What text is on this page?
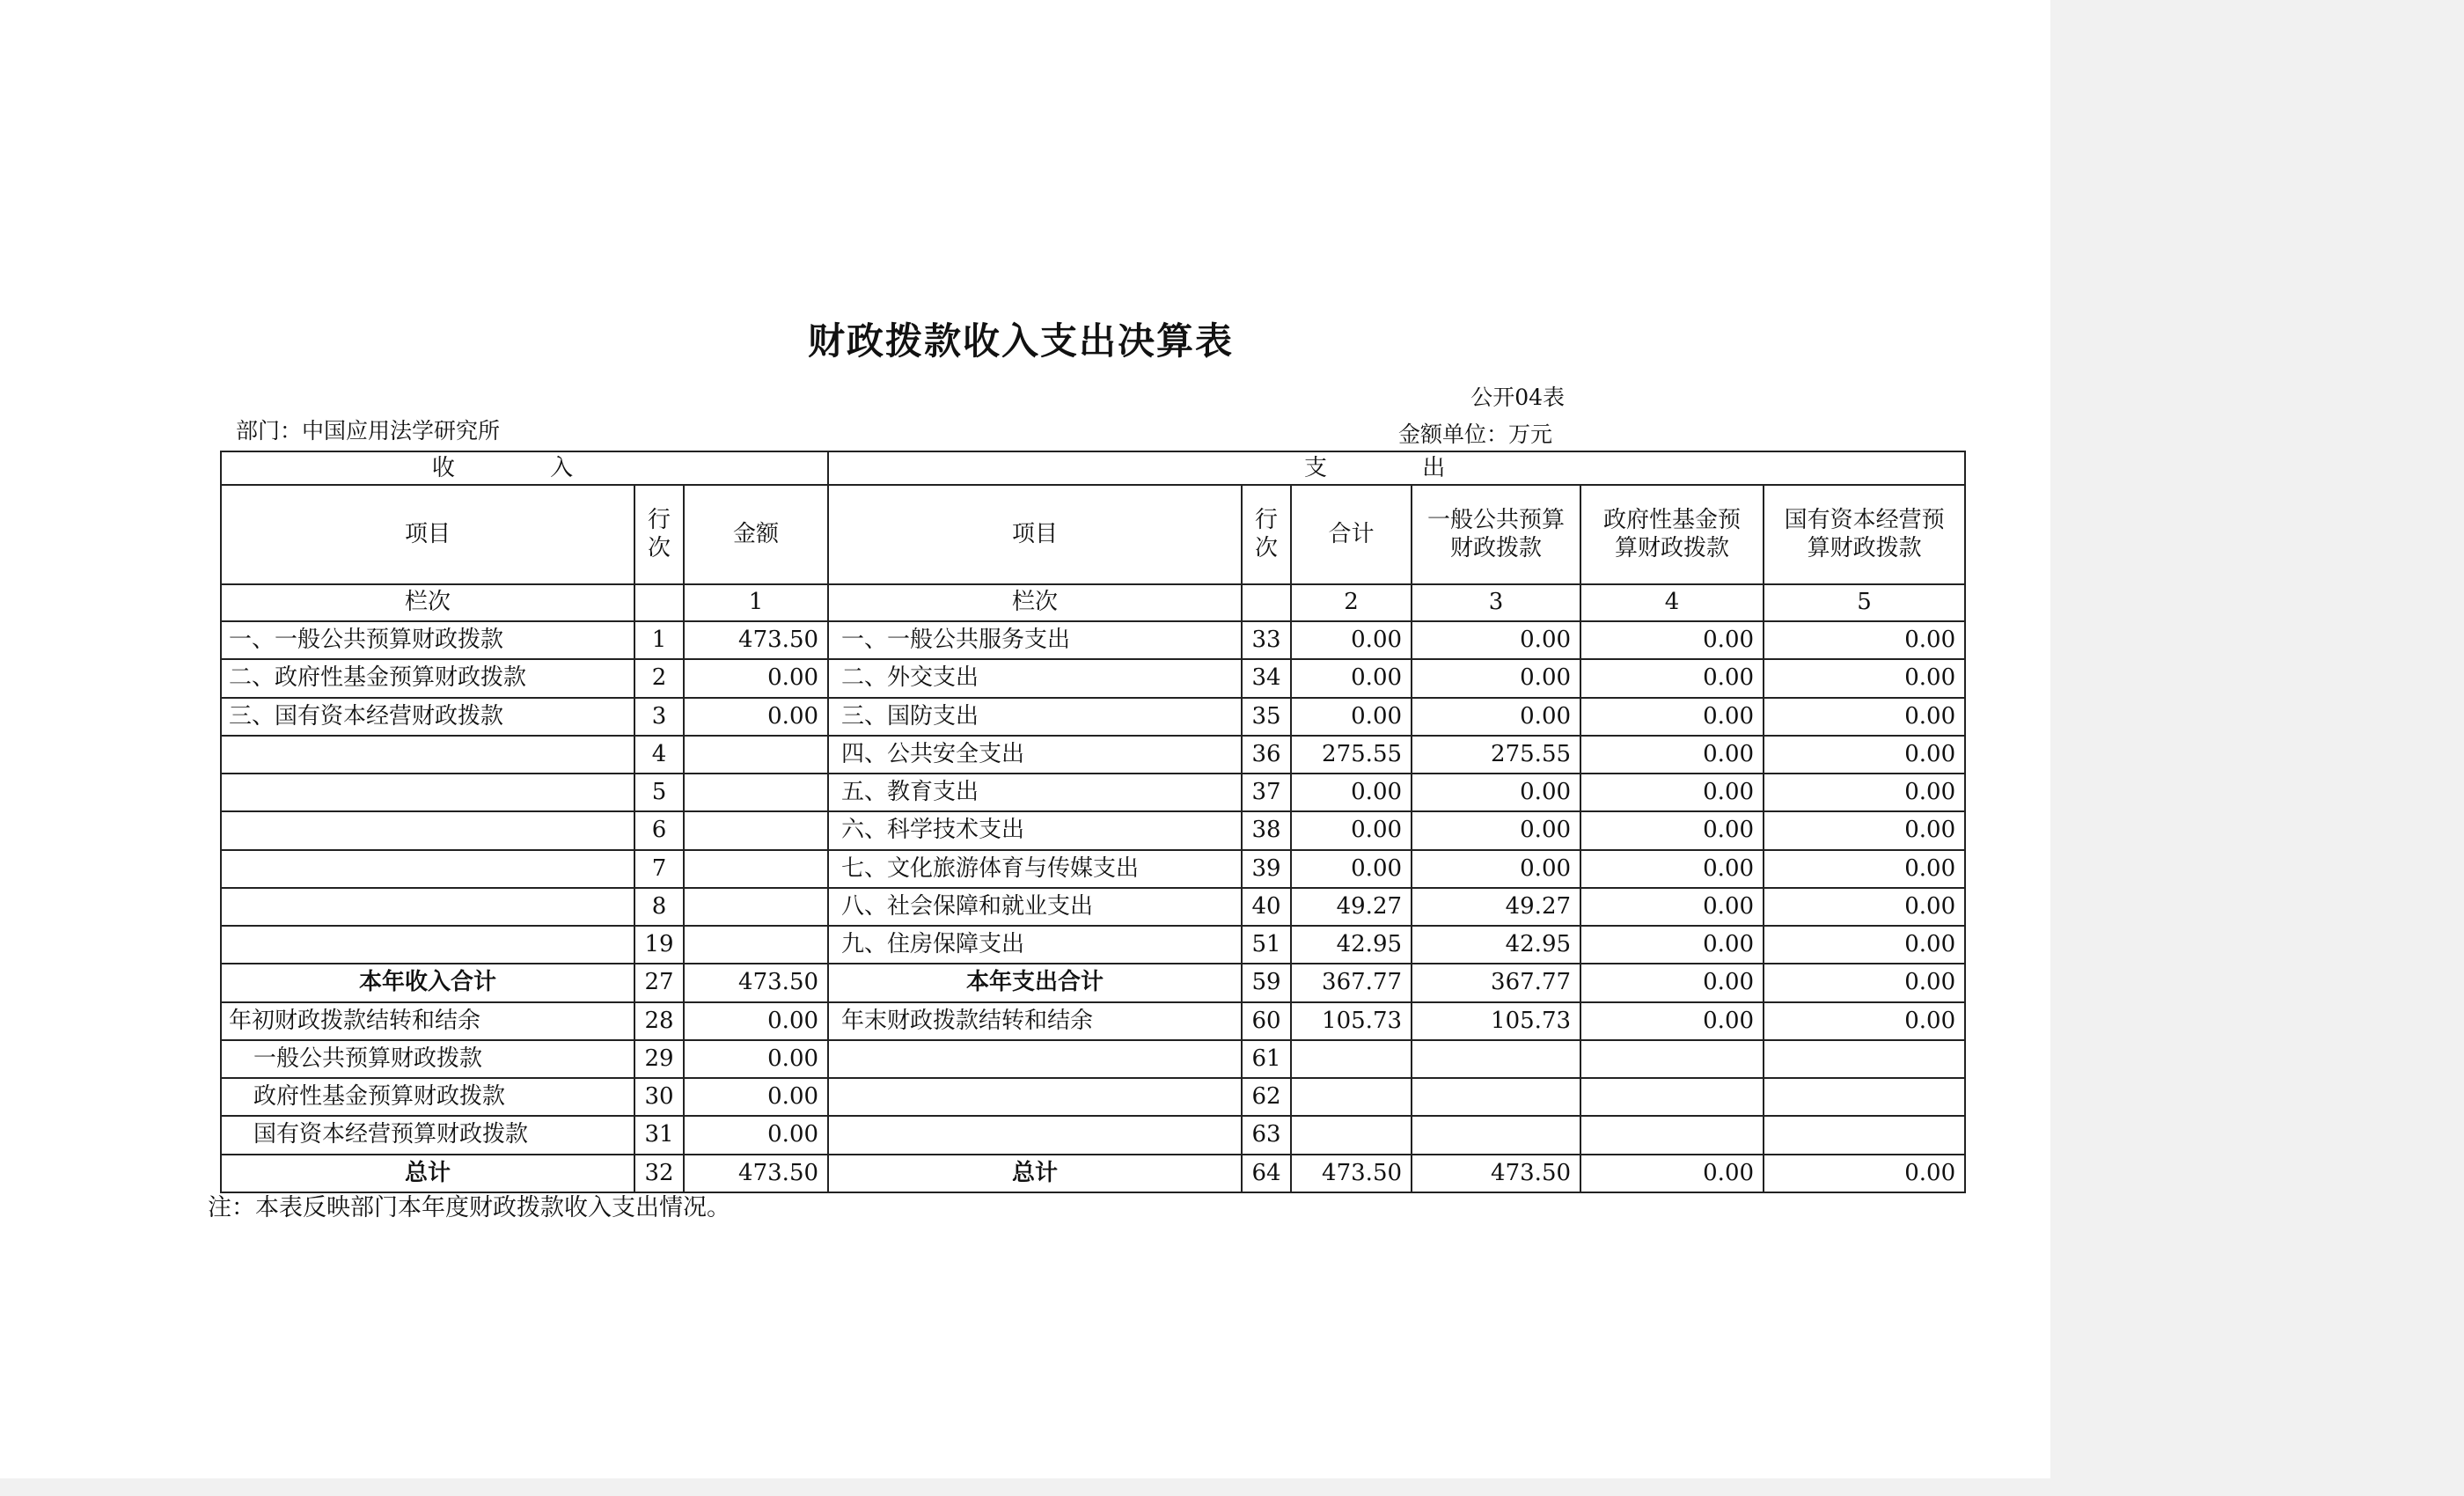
财政拨款收入支出决算表
公开04表
部门：中国应用法学研究所	金额单位：万元
收 入			支 出					
项目	行次	金额	项目	行次	合计	一般公共预算财政拨款	政府性基金预算财政拨款	国有资本经营预算财政拨款
栏次		1	栏次		2	3	4	5
一、一般公共预算财政拨款	1	473.50	一、一般公共服务支出	33	0.00	0.00	0.00	0.00
二、政府性基金预算财政拨款	2	0.00	二、外交支出	34	0.00	0.00	0.00	0.00
三、国有资本经营财政拨款	3	0.00	三、国防支出	35	0.00	0.00	0.00	0.00
	4		四、公共安全支出	36	275.55	275.55	0.00	0.00
	5		五、教育支出	37	0.00	0.00	0.00	0.00
	6		六、科学技术支出	38	0.00	0.00	0.00	0.00
	7		七、文化旅游体育与传媒支出	39	0.00	0.00	0.00	0.00
	8		八、社会保障和就业支出	40	49.27	49.27	0.00	0.00
	19		九、住房保障支出	51	42.95	42.95	0.00	0.00
本年收入合计	27	473.50	本年支出合计	59	367.77	367.77	0.00	0.00
年初财政拨款结转和结余	28	0.00	年末财政拨款结转和结余	60	105.73	105.73	0.00	0.00
一般公共预算财政拨款	29	0.00		61				
政府性基金预算财政拨款	30	0.00		62				
国有资本经营预算财政拨款	31	0.00		63				
总计	32	473.50	总计	64	473.50	473.50	0.00	0.00
注：本表反映部门本年度财政拨款收入支出情况。
